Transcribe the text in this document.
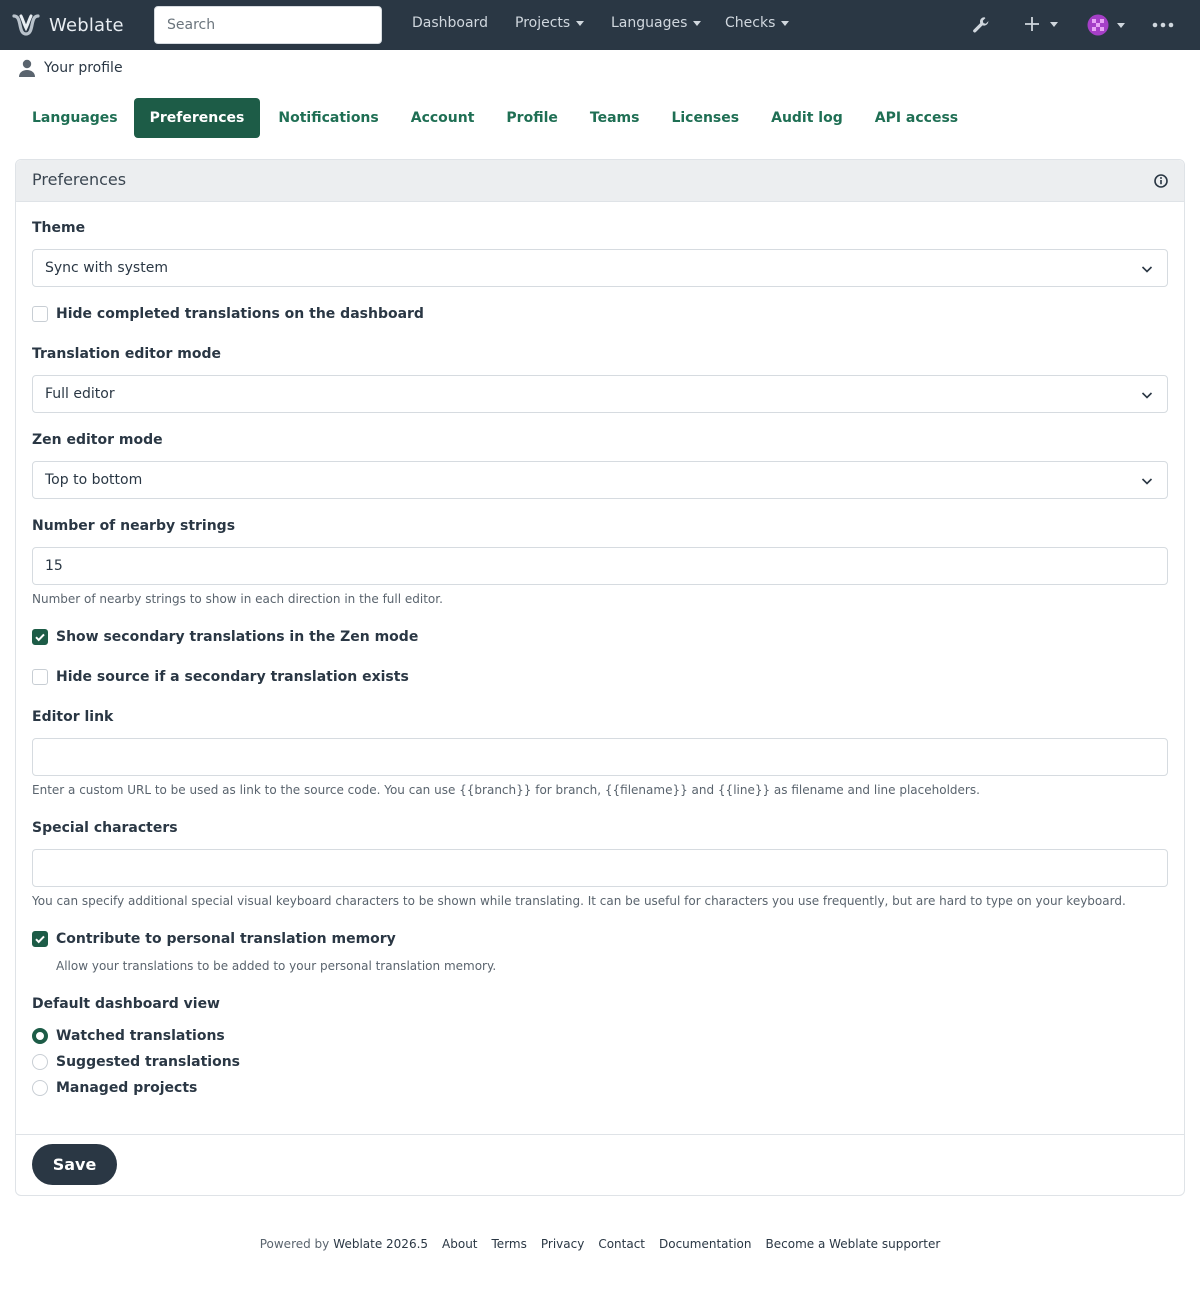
Weblate
Search	Dashboard Projects	Languages	Checks
Your profile
Languages	Preferences	Notifications	Account	Profile	Teams	Licenses	Audit log	API access
Preferences
Save
Theme
Sync with system
Hide completed translations on the dashboard
Translation editor mode
Full editor
Zen editor mode
Top to bottom
Number of nearby strings
15
Number of nearby strings to show in each direction in the full editor.
Show secondary translations in the Zen mode
Hide source if a secondary translation exists
Editor link
Enter a custom URL to be used as link to the source code. You can use {{branch}} for branch, {{filename}} and {{line}} as filename and line placeholders.
Special characters
You can specify additional special visual keyboard characters to be shown while translating. It can be useful for characters you use frequently, but are hard to type on your keyboard.
Contribute to personal translation memory
Allow your translations to be added to your personal translation memory.
Default dashboard view
Watched translations
Suggested translations
Managed projects
Powered by Weblate 2026.5 About Terms Privacy Contact Documentation Become a Weblate supporter
